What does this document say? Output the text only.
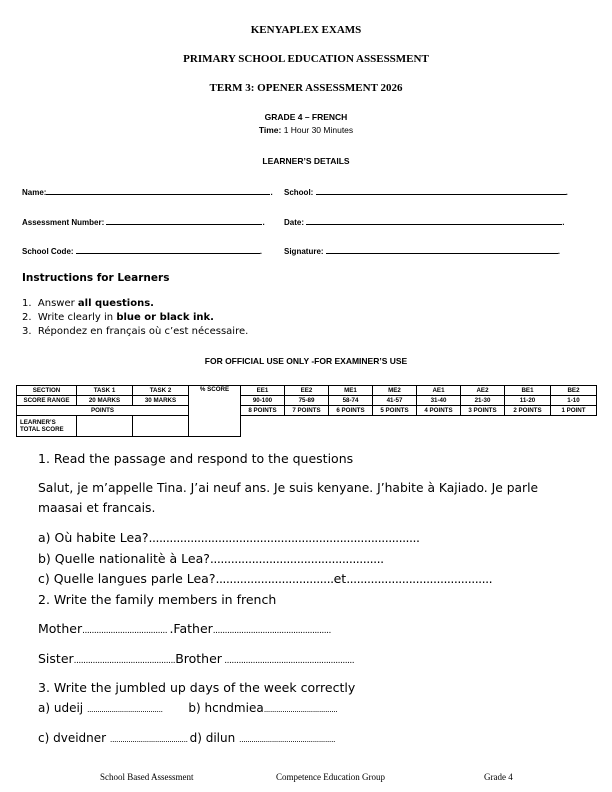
KENYAPLEX EXAMS
PRIMARY SCHOOL EDUCATION ASSESSMENT
TERM 3: OPENER ASSESSMENT 2026
GRADE 4 – FRENCH
Time: 1 Hour 30 Minutes
LEARNER’S DETAILS
Name:	. School:	.
Assessment Number:	. Date:	.
School Code:	.	Signature:	.
Instructions for Learners
1.  Answer all questions.
2.  Write clearly in blue or black ink.
3.  Répondez en français où c’est nécessaire.
FOR OFFICIAL USE ONLY -FOR EXAMINER’S USE
SECTION	TASK 1	TASK 2	% SCORE	EE1	EE2	ME1	ME2	AE1	AE2	BE1	BE2
SCORE RANGE	20 MARKS	30 MARKS		90-100	75-89	58-74	41-57	31-40	21-30	11-20	1-10
POINTS				8 POINTS	7 POINTS	6 POINTS	5 POINTS	4 POINTS	3 POINTS	2 POINTS	1 POINT
LEARNER’S
TOTAL SCORE											
1. Read the passage and respond to the questions
Salut, je m’appelle Tina. J’ai neuf ans. Je suis kenyane. J’habite à Kajiado. Je parle
maasai et francais.
a) Où habite Lea?..............................................................................
b) Quelle nationalitè à Lea?..................................................
c) Quelle langues parle Lea?..................................et..........................................
2. Write the family members in french
Mother.................................... .Father..................................................
Sister...........................................Brother .......................................................
3. Write the jumbled up days of the week correctly
a) udeij ..................................... b) hcndmiea....................................
c) dveidner ...................................... d) dilun ...............................................
School Based Assessment	Competence Education Group	Grade 4
